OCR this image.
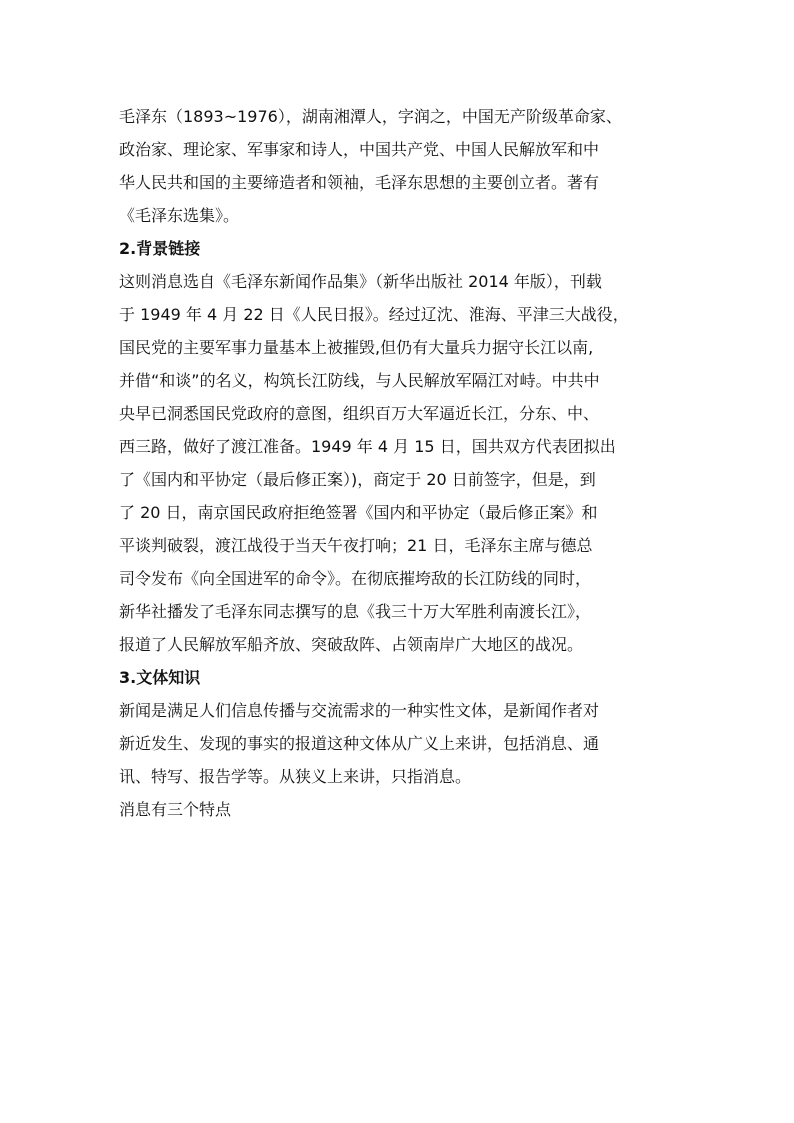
毛泽东（1893~1976），湖南湘潭人，字润之，中国无产阶级革命家、
政治家、理论家、军事家和诗人，中国共产党、中国人民解放军和中
华人民共和国的主要缔造者和领袖，毛泽东思想的主要创立者。著有
《毛泽东选集》。
2.背景链接
这则消息选自《毛泽东新闻作品集》（新华出版社 2014 年版），刊载
于 1949 年 4 月 22 日《人民日报》。经过辽沈、淮海、平津三大战役，
国民党的主要军事力量基本上被摧毁,但仍有大量兵力据守长江以南,
并借“和谈”的名义，构筑长江防线，与人民解放军隔江对峙。中共中
央早已洞悉国民党政府的意图，组织百万大军逼近长江，分东、中、
西三路，做好了渡江准备。1949 年 4 月 15 日，国共双方代表团拟出
了《国内和平协定（最后修正案）)，商定于 20 日前签字，但是，到
了 20 日，南京国民政府拒绝签署《国内和平协定（最后修正案》和
平谈判破裂，渡江战役于当天午夜打响；21 日，毛泽东主席与德总
司令发布《向全国进军的命令》。在彻底摧垮敌的长江防线的同时，
新华社播发了毛泽东同志撰写的息《我三十万大军胜利南渡长江》，
报道了人民解放军船齐放、突破敌阵、占领南岸广大地区的战况。
3.文体知识
新闻是满足人们信息传播与交流需求的一种实性文体，是新闻作者对
新近发生、发现的事实的报道这种文体从广义上来讲，包括消息、通
讯、特写、报告学等。从狭义上来讲，只指消息。
消息有三个特点
